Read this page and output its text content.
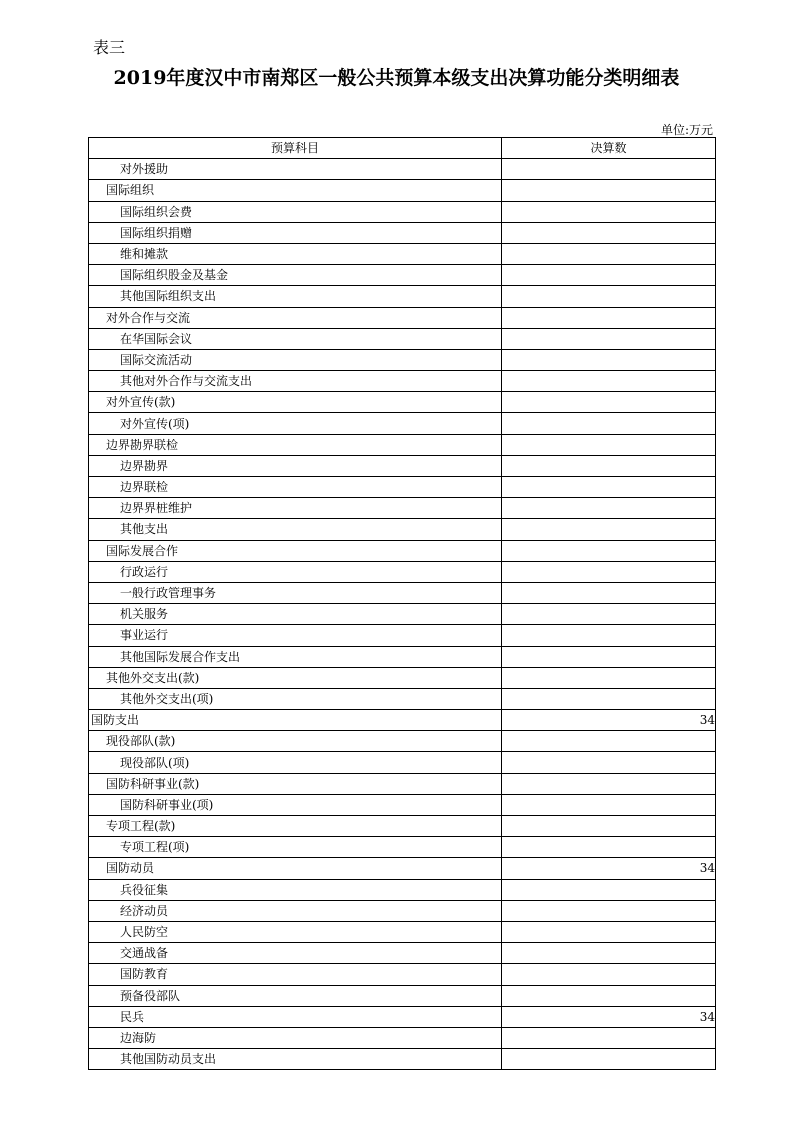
表三
2019年度汉中市南郑区一般公共预算本级支出决算功能分类明细表
单位:万元
预算科目	决算数
对外援助	
国际组织	
国际组织会费	
国际组织捐赠	
维和摊款	
国际组织股金及基金	
其他国际组织支出	
对外合作与交流	
在华国际会议	
国际交流活动	
其他对外合作与交流支出	
对外宣传(款)	
对外宣传(项)	
边界勘界联检	
边界勘界	
边界联检	
边界界桩维护	
其他支出	
国际发展合作	
行政运行	
一般行政管理事务	
机关服务	
事业运行	
其他国际发展合作支出	
其他外交支出(款)	
其他外交支出(项)	
国防支出	34
现役部队(款)	
现役部队(项)	
国防科研事业(款)	
国防科研事业(项)	
专项工程(款)	
专项工程(项)	
国防动员	34
兵役征集	
经济动员	
人民防空	
交通战备	
国防教育	
预备役部队	
民兵	34
边海防	
其他国防动员支出	
